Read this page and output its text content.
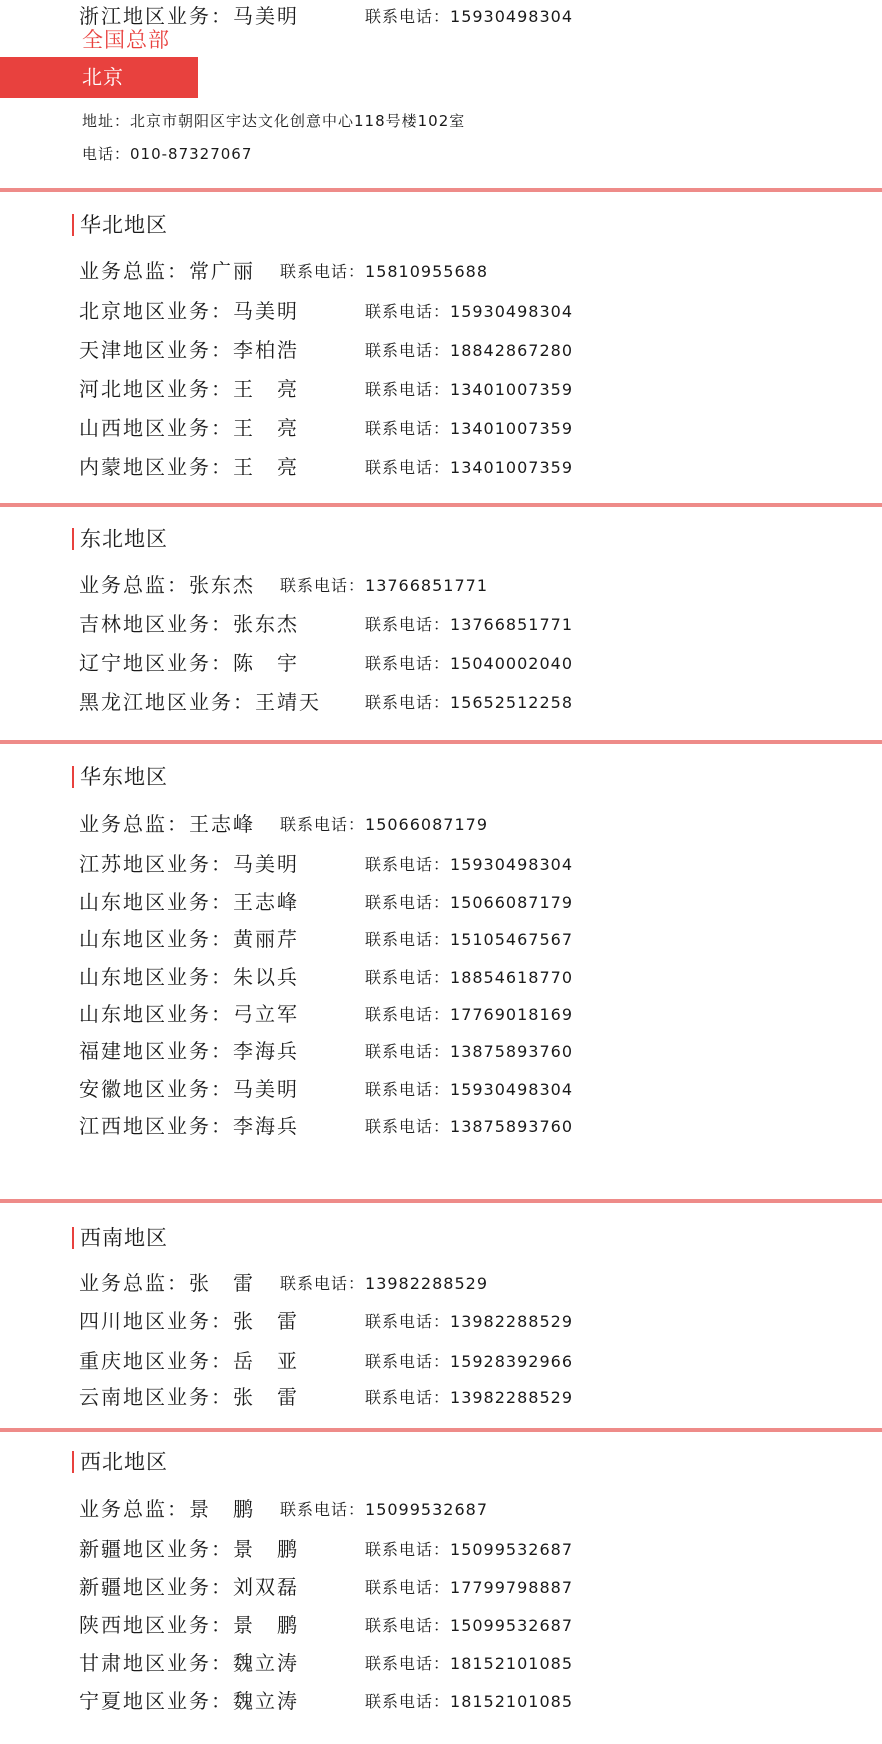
全国总部
北京
地址：北京市朝阳区宇达文化创意中心118号楼102室
电话：010-87327067
华北地区
业务总监：常广丽 联系电话：15810955688
北京地区业务：马美明	联系电话：15930498304
天津地区业务：李柏浩	联系电话：18842867280
河北地区业务：王　亮	联系电话：13401007359
山西地区业务：王　亮	联系电话：13401007359
内蒙地区业务：王　亮	联系电话：13401007359
东北地区
业务总监：张东杰 联系电话：13766851771
吉林地区业务：张东杰	联系电话：13766851771
辽宁地区业务：陈　宇	联系电话：15040002040
黑龙江地区业务：王靖天	联系电话：15652512258
华东地区
业务总监：王志峰 联系电话：15066087179
江苏地区业务：马美明	联系电话：15930498304
山东地区业务：王志峰	联系电话：15066087179
山东地区业务：黄丽芹	联系电话：15105467567
山东地区业务：朱以兵	联系电话：18854618770
山东地区业务：弓立军	联系电话：17769018169
福建地区业务：李海兵	联系电话：13875893760
安徽地区业务：马美明	联系电话：15930498304
江西地区业务：李海兵	联系电话：13875893760
浙江地区业务：马美明	联系电话：15930498304
西南地区
业务总监：张　雷 联系电话：13982288529
四川地区业务：张　雷	联系电话：13982288529
重庆地区业务：岳　亚	联系电话：15928392966
云南地区业务：张　雷	联系电话：13982288529
西北地区
业务总监：景　鹏 联系电话：15099532687
新疆地区业务：景　鹏	联系电话：15099532687
新疆地区业务：刘双磊	联系电话：17799798887
陕西地区业务：景　鹏	联系电话：15099532687
甘肃地区业务：魏立涛	联系电话：18152101085
宁夏地区业务：魏立涛	联系电话：18152101085
